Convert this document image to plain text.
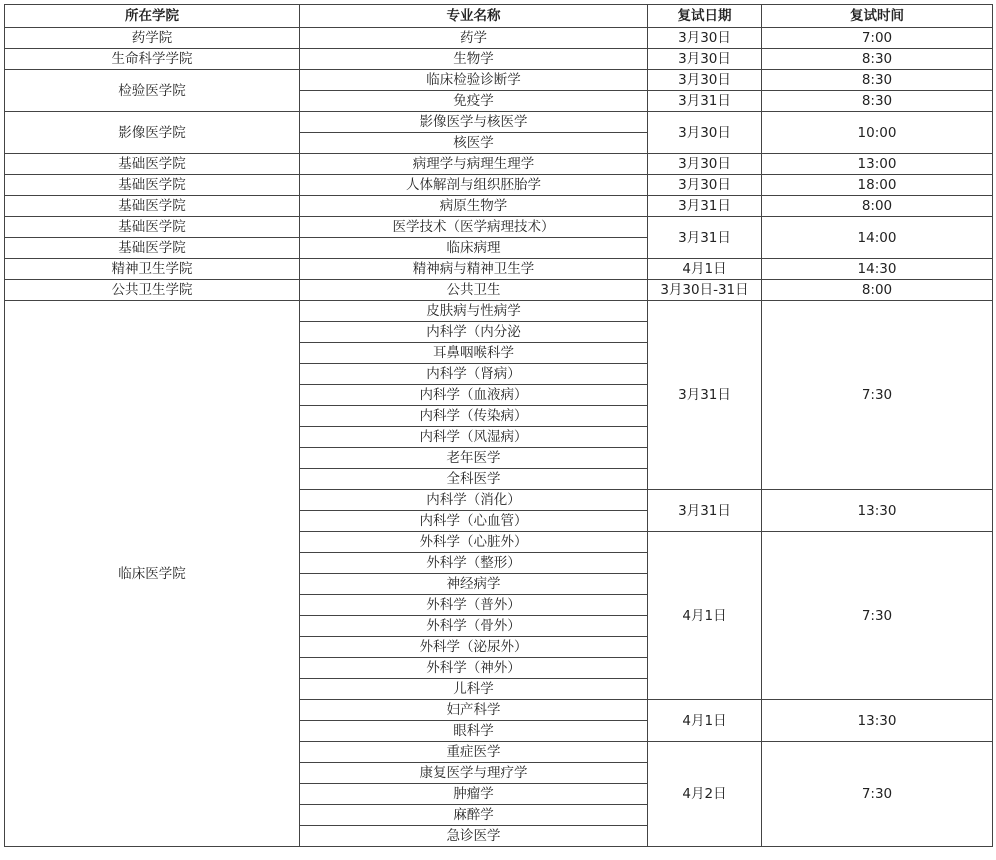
所在学院	专业名称	复试日期	复试时间
药学院	药学	3月30日	7:00
生命科学学院	生物学	3月30日	8:30
检验医学院	临床检验诊断学	3月30日	8:30
	免疫学	3月31日	8:30
影像医学院	影像医学与核医学	3月30日	10:00
	核医学		
基础医学院	病理学与病理生理学	3月30日	13:00
基础医学院	人体解剖与组织胚胎学	3月30日	18:00
基础医学院	病原生物学	3月31日	8:00
基础医学院	医学技术（医学病理技术）	3月31日	14:00
基础医学院	临床病理		
精神卫生学院	精神病与精神卫生学	4月1日	14:30
公共卫生学院	公共卫生	3月30日-31日	8:00
临床医学院	皮肤病与性病学	3月31日	7:30
	内科学（内分泌		
	耳鼻咽喉科学		
	内科学（肾病）		
	内科学（血液病）		
	内科学（传染病）		
	内科学（风湿病）		
	老年医学		
	全科医学		
	内科学（消化）	3月31日	13:30
	内科学（心血管）		
	外科学（心脏外）	4月1日	7:30
	外科学（整形）		
	神经病学		
	外科学（普外）		
	外科学（骨外）		
	外科学（泌尿外）		
	外科学（神外）		
	儿科学		
	妇产科学	4月1日	13:30
	眼科学		
	重症医学	4月2日	7:30
	康复医学与理疗学		
	肿瘤学		
	麻醉学		
	急诊医学		
